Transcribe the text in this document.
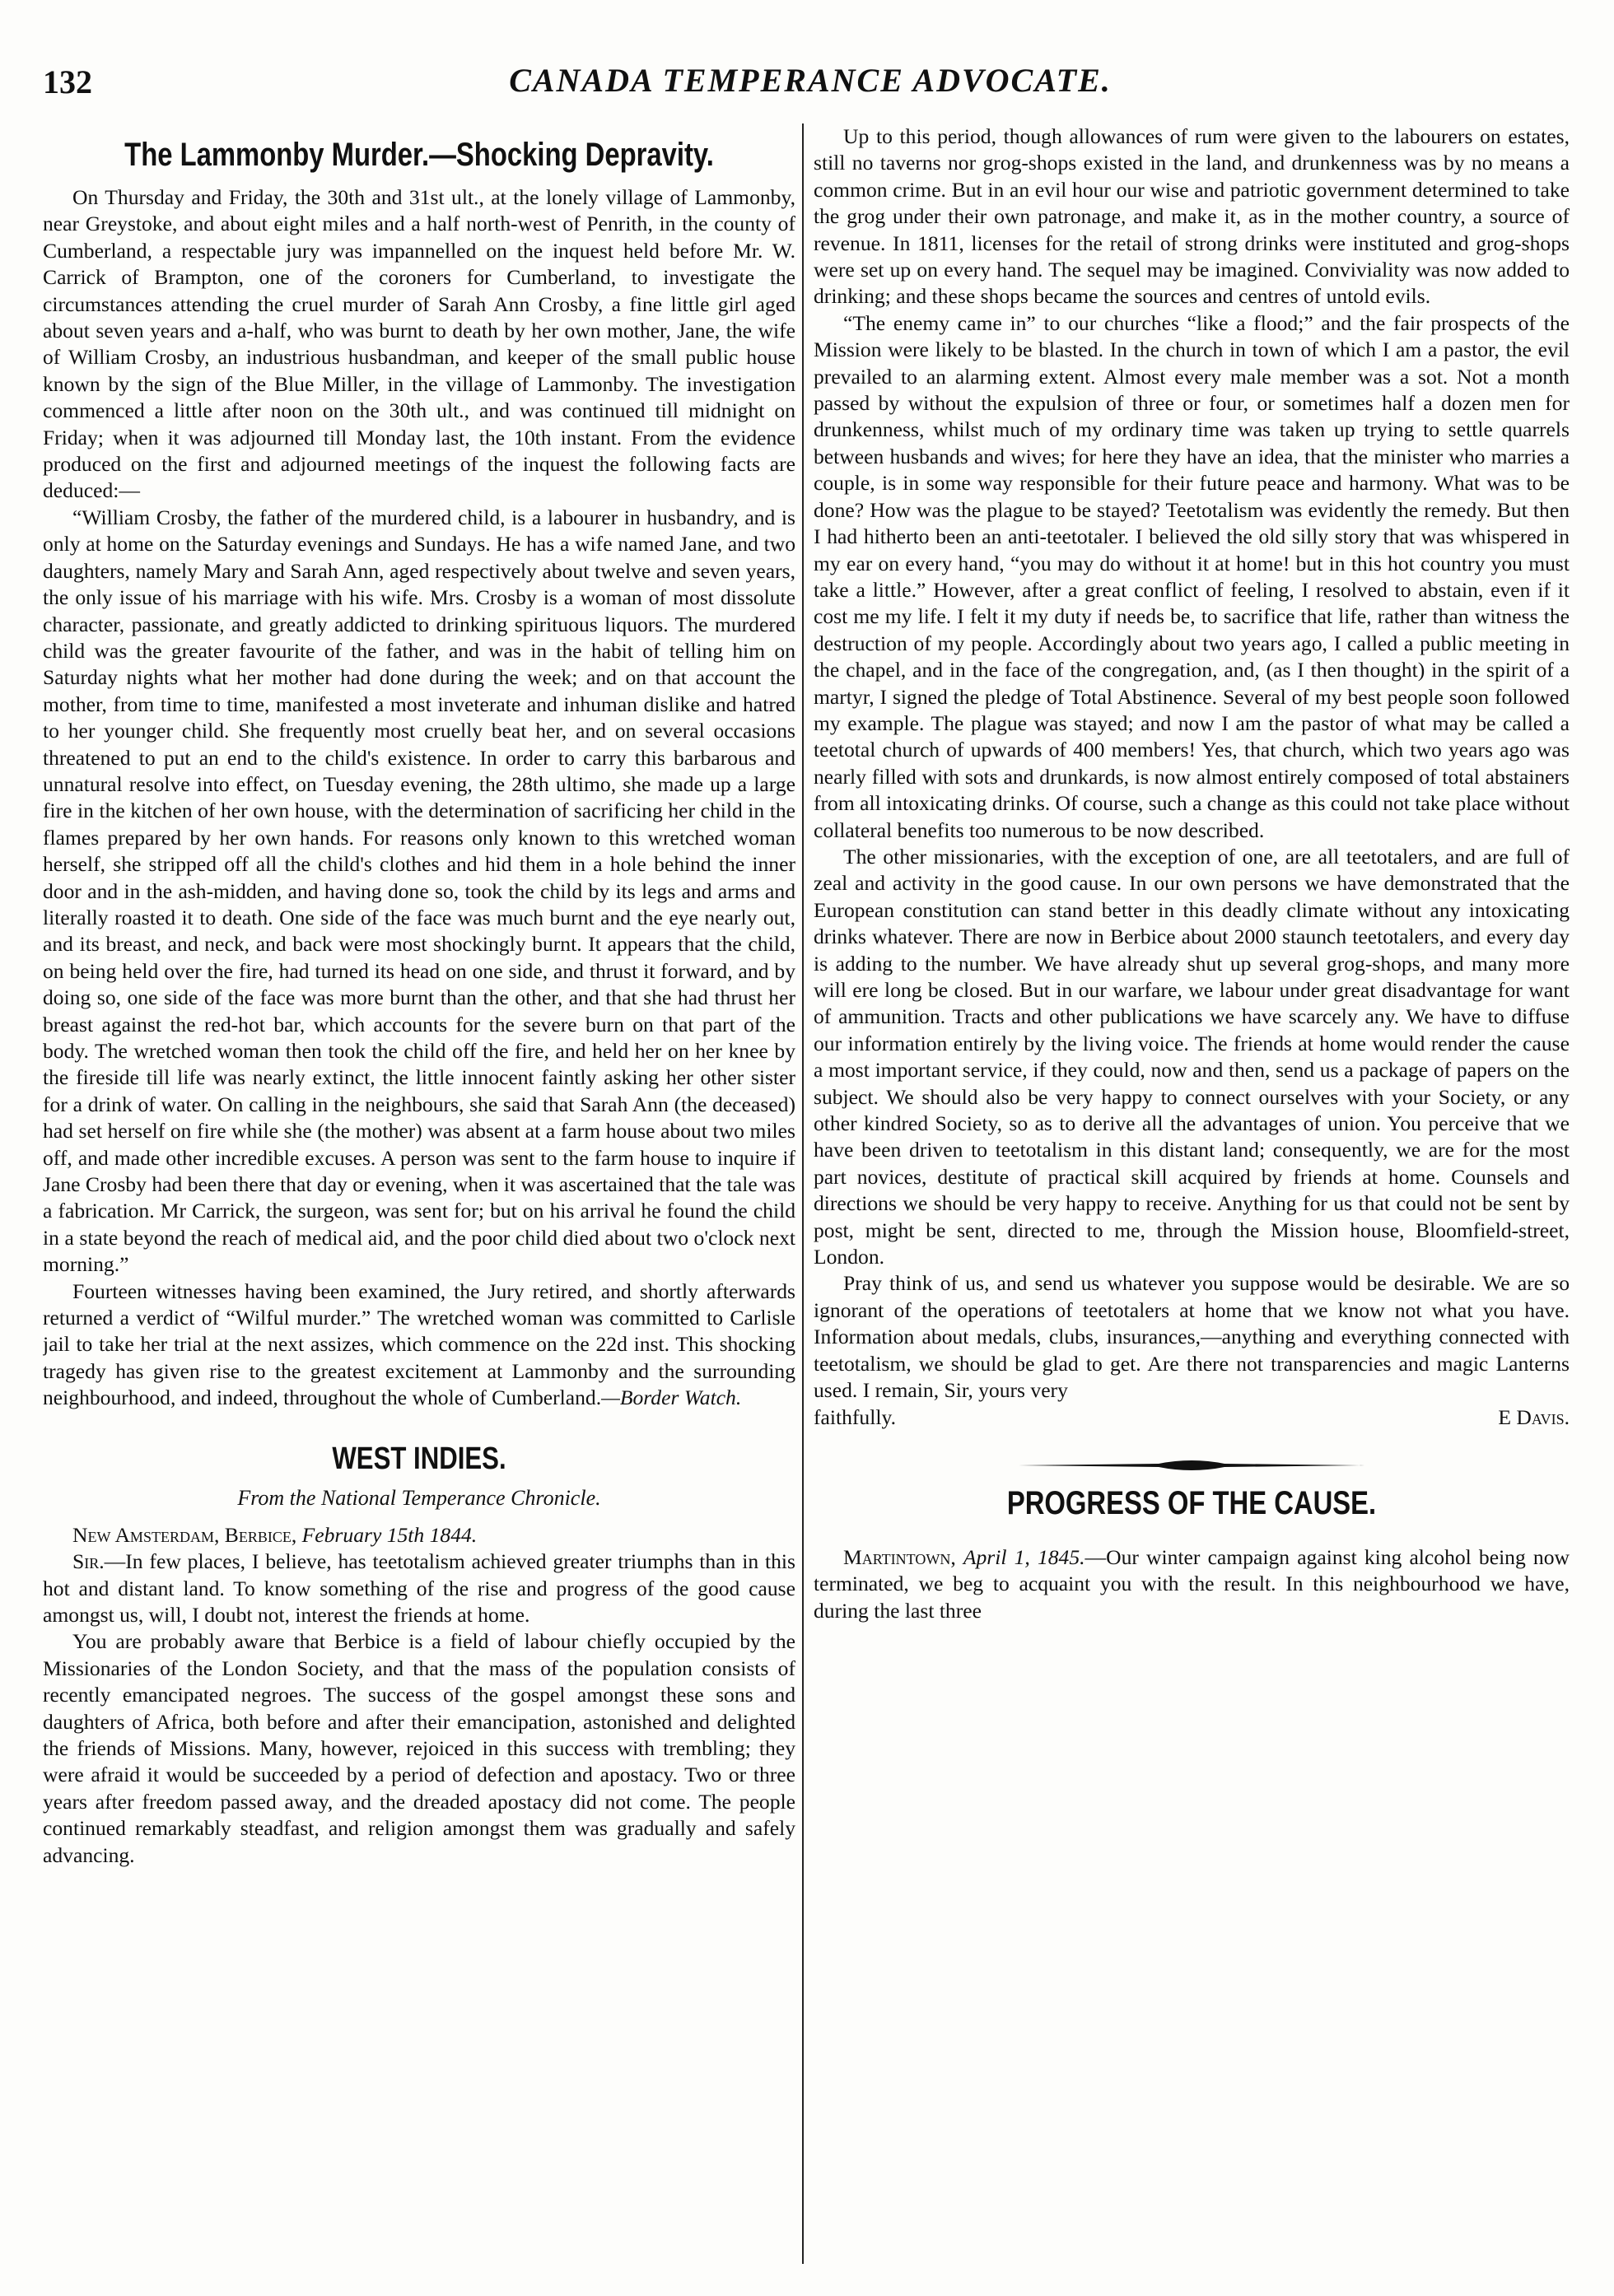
132	CANADA TEMPERANCE ADVOCATE.
The Lammonby Murder.—Shocking Depravity.

On Thursday and Friday, the 30th and 31st ult., at the lonely village of Lammonby, near Greystoke, and about eight miles and a half north-west of Penrith, in the county of Cumberland, a respectable jury was impannelled on the inquest held before Mr. W. Carrick of Brampton, one of the coroners for Cumberland, to investigate the circumstances attending the cruel murder of Sarah Ann Crosby, a fine little girl aged about seven years and a-half, who was burnt to death by her own mother, Jane, the wife of William Crosby, an industrious husbandman, and keeper of the small public house known by the sign of the Blue Miller, in the village of Lammonby. The investigation commenced a little after noon on the 30th ult., and was continued till midnight on Friday; when it was adjourned till Monday last, the 10th instant. From the evidence produced on the first and adjourned meetings of the inquest the following facts are deduced:—

“William Crosby, the father of the murdered child, is a labourer in husbandry, and is only at home on the Saturday evenings and Sundays. He has a wife named Jane, and two daughters, namely Mary and Sarah Ann, aged respectively about twelve and seven years, the only issue of his marriage with his wife. Mrs. Crosby is a woman of most dissolute character, passionate, and greatly addicted to drinking spirituous liquors. The murdered child was the greater favourite of the father, and was in the habit of telling him on Saturday nights what her mother had done during the week; and on that account the mother, from time to time, manifested a most inveterate and inhuman dislike and hatred to her younger child. She frequently most cruelly beat her, and on several occasions threatened to put an end to the child's existence. In order to carry this barbarous and unnatural resolve into effect, on Tuesday evening, the 28th ultimo, she made up a large fire in the kitchen of her own house, with the determination of sacrificing her child in the flames prepared by her own hands. For reasons only known to this wretched woman herself, she stripped off all the child's clothes and hid them in a hole behind the inner door and in the ash-midden, and having done so, took the child by its legs and arms and literally roasted it to death. One side of the face was much burnt and the eye nearly out, and its breast, and neck, and back were most shockingly burnt. It appears that the child, on being held over the fire, had turned its head on one side, and thrust it forward, and by doing so, one side of the face was more burnt than the other, and that she had thrust her breast against the red-hot bar, which accounts for the severe burn on that part of the body. The wretched woman then took the child off the fire, and held her on her knee by the fireside till life was nearly extinct, the little innocent faintly asking her other sister for a drink of water. On calling in the neighbours, she said that Sarah Ann (the deceased) had set herself on fire while she (the mother) was absent at a farm house about two miles off, and made other incredible excuses. A person was sent to the farm house to inquire if Jane Crosby had been there that day or evening, when it was ascertained that the tale was a fabrication. Mr Carrick, the surgeon, was sent for; but on his arrival he found the child in a state beyond the reach of medical aid, and the poor child died about two o'clock next morning.”

Fourteen witnesses having been examined, the Jury retired, and shortly afterwards returned a verdict of “Wilful murder.” The wretched woman was committed to Carlisle jail to take her trial at the next assizes, which commence on the 22d inst. This shocking tragedy has given rise to the greatest excitement at Lammonby and the surrounding neighbourhood, and indeed, throughout the whole of Cumberland.—Border Watch.

WEST INDIES.
From the National Temperance Chronicle.

New Amsterdam, Berbice, February 15th 1844.

Sir.—In few places, I believe, has teetotalism achieved greater triumphs than in this hot and distant land. To know something of the rise and progress of the good cause amongst us, will, I doubt not, interest the friends at home.

You are probably aware that Berbice is a field of labour chiefly occupied by the Missionaries of the London Society, and that the mass of the population consists of recently emancipated negroes. The success of the gospel amongst these sons and daughters of Africa, both before and after their emancipation, astonished and delighted the friends of Missions. Many, however, rejoiced in this success with trembling; they were afraid it would be succeeded by a period of defection and apostacy. Two or three years after freedom passed away, and the dreaded apostacy did not come. The people continued remarkably steadfast, and religion amongst them was gradually and safely advancing.

Up to this period, though allowances of rum were given to the labourers on estates, still no taverns nor grog-shops existed in the land, and drunkenness was by no means a common crime. But in an evil hour our wise and patriotic government determined to take the grog under their own patronage, and make it, as in the mother country, a source of revenue. In 1811, licenses for the retail of strong drinks were instituted and grog-shops were set up on every hand. The sequel may be imagined. Conviviality was now added to drinking; and these shops became the sources and centres of untold evils.

“The enemy came in” to our churches “like a flood;” and the fair prospects of the Mission were likely to be blasted. In the church in town of which I am a pastor, the evil prevailed to an alarming extent. Almost every male member was a sot. Not a month passed by without the expulsion of three or four, or sometimes half a dozen men for drunkenness, whilst much of my ordinary time was taken up trying to settle quarrels between husbands and wives; for here they have an idea, that the minister who marries a couple, is in some way responsible for their future peace and harmony. What was to be done? How was the plague to be stayed? Teetotalism was evidently the remedy. But then I had hitherto been an anti-teetotaler. I believed the old silly story that was whispered in my ear on every hand, “you may do without it at home! but in this hot country you must take a little.” However, after a great conflict of feeling, I resolved to abstain, even if it cost me my life. I felt it my duty if needs be, to sacrifice that life, rather than witness the destruction of my people. Accordingly about two years ago, I called a public meeting in the chapel, and in the face of the congregation, and, (as I then thought) in the spirit of a martyr, I signed the pledge of Total Abstinence. Several of my best people soon followed my example. The plague was stayed; and now I am the pastor of what may be called a teetotal church of upwards of 400 members! Yes, that church, which two years ago was nearly filled with sots and drunkards, is now almost entirely composed of total abstainers from all intoxicating drinks. Of course, such a change as this could not take place without collateral benefits too numerous to be now described.

The other missionaries, with the exception of one, are all teetotalers, and are full of zeal and activity in the good cause. In our own persons we have demonstrated that the European constitution can stand better in this deadly climate without any intoxicating drinks whatever. There are now in Berbice about 2000 staunch teetotalers, and every day is adding to the number. We have already shut up several grog-shops, and many more will ere long be closed. But in our warfare, we labour under great disadvantage for want of ammunition. Tracts and other publications we have scarcely any. We have to diffuse our information entirely by the living voice. The friends at home would render the cause a most important service, if they could, now and then, send us a package of papers on the subject. We should also be very happy to connect ourselves with your Society, or any other kindred Society, so as to derive all the advantages of union. You perceive that we have been driven to teetotalism in this distant land; consequently, we are for the most part novices, destitute of practical skill acquired by friends at home. Counsels and directions we should be very happy to receive. Anything for us that could not be sent by post, might be sent, directed to me, through the Mission house, Bloomfield-street, London.

Pray think of us, and send us whatever you suppose would be desirable. We are so ignorant of the operations of teetotalers at home that we know not what you have. Information about medals, clubs, insurances,—anything and everything connected with teetotalism, we should be glad to get. Are there not transparencies and magic Lanterns used. I remain, Sir, yours very

faithfully.	E Davis.

PROGRESS OF THE CAUSE.

Martintown, April 1, 1845.—Our winter campaign against king alcohol being now terminated, we beg to acquaint you with the result. In this neighbourhood we have, during the last three
